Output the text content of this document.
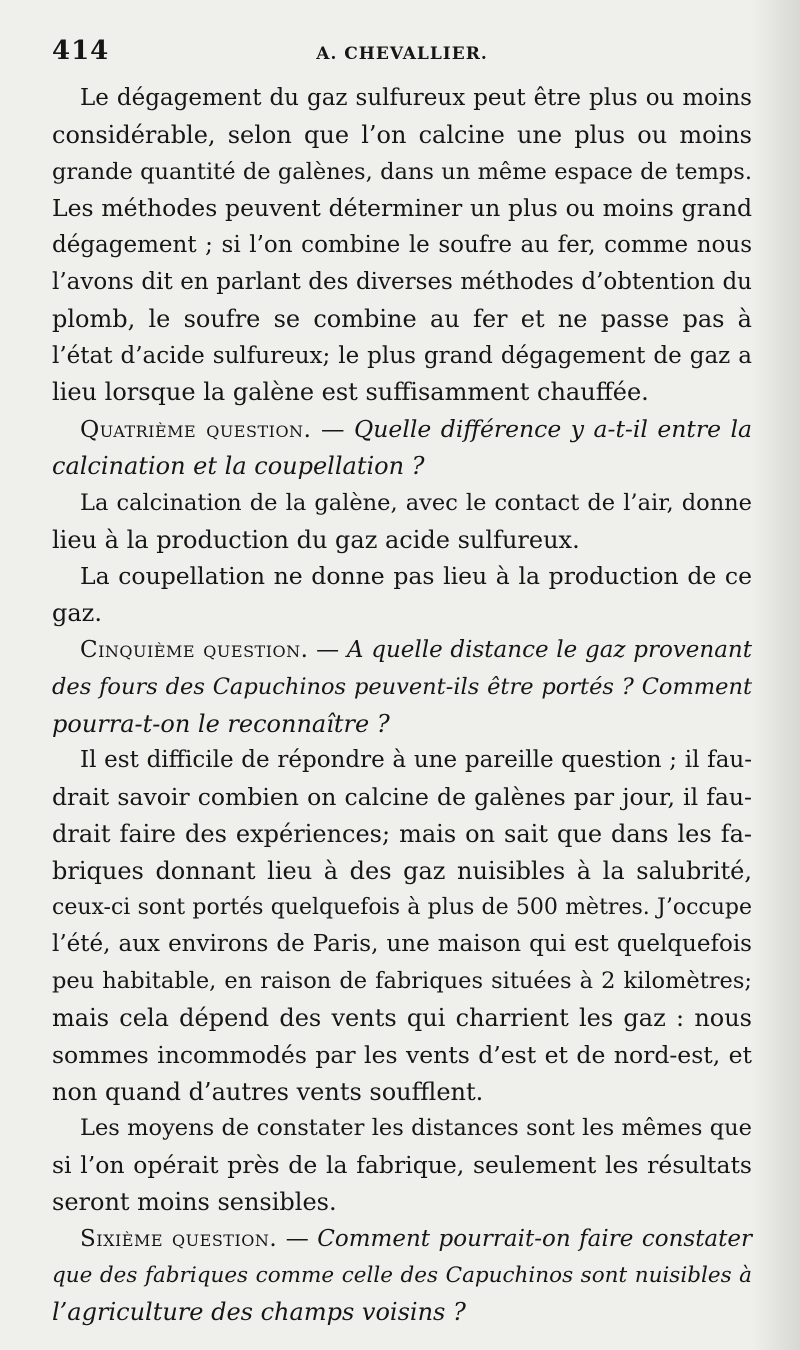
414	A. CHEVALLIER.
Le dégagement du gaz sulfureux peut être plus ou moins
considérable, selon que l’on calcine une plus ou moins
grande quantité de galènes, dans un même espace de temps.
Les méthodes peuvent déterminer un plus ou moins grand
dégagement ; si l’on combine le soufre au fer, comme nous
l’avons dit en parlant des diverses méthodes d’obtention du
plomb, le soufre se combine au fer et ne passe pas à
l’état d’acide sulfureux; le plus grand dégagement de gaz a
lieu lorsque la galène est suffisamment chauffée.
Quatrième question. — Quelle différence y a-t-il entre la
calcination et la coupellation ?
La calcination de la galène, avec le contact de l’air, donne
lieu à la production du gaz acide sulfureux.
La coupellation ne donne pas lieu à la production de ce
gaz.
Cinquième question. — A quelle distance le gaz provenant
des fours des Capuchinos peuvent-ils être portés ? Comment
pourra-t-on le reconnaître ?
Il est difficile de répondre à une pareille question ; il fau-
drait savoir combien on calcine de galènes par jour, il fau-
drait faire des expériences; mais on sait que dans les fa-
briques donnant lieu à des gaz nuisibles à la salubrité,
ceux-ci sont portés quelquefois à plus de 500 mètres. J’occupe
l’été, aux environs de Paris, une maison qui est quelquefois
peu habitable, en raison de fabriques situées à 2 kilomètres;
mais cela dépend des vents qui charrient les gaz : nous
sommes incommodés par les vents d’est et de nord-est, et
non quand d’autres vents soufflent.
Les moyens de constater les distances sont les mêmes que
si l’on opérait près de la fabrique, seulement les résultats
seront moins sensibles.
Sixième question. — Comment pourrait-on faire constater
que des fabriques comme celle des Capuchinos sont nuisibles à
l’agriculture des champs voisins ?
